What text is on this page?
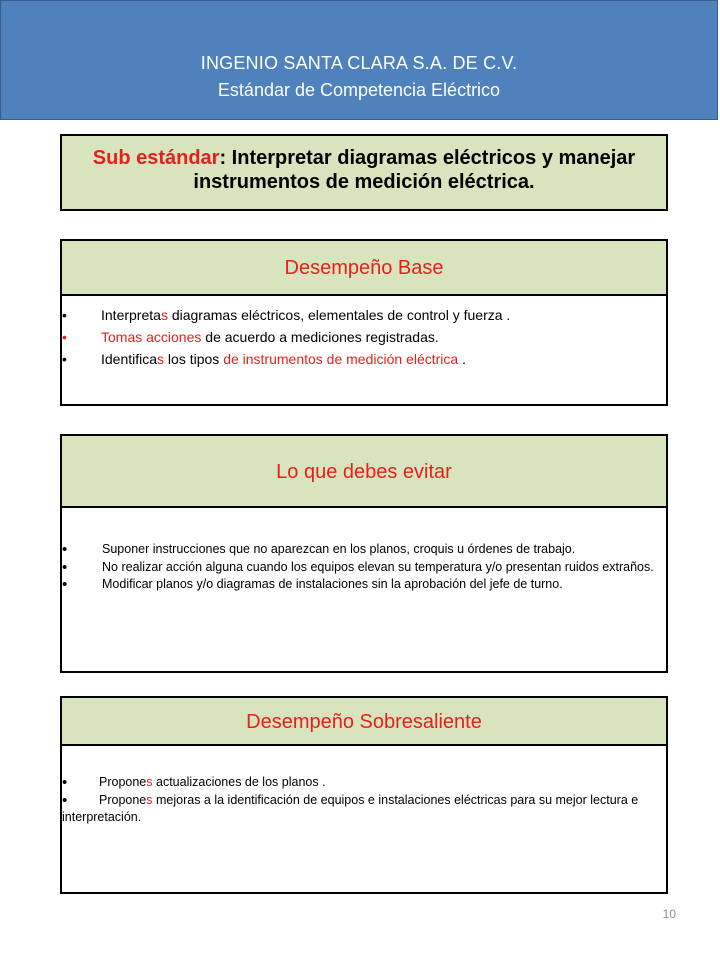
INGENIO SANTA CLARA S.A. DE C.V.
Estándar de Competencia Eléctrico
Sub estándar: Interpretar diagramas eléctricos y manejar instrumentos de medición eléctrica.
Desempeño Base
• Interpretas diagramas eléctricos, elementales de control y fuerza .
• Tomas acciones de acuerdo a mediciones registradas.
• Identificas los tipos de instrumentos de medición eléctrica .
Lo que debes evitar
•	Suponer instrucciones que no aparezcan en los planos, croquis u órdenes de trabajo.
•	No realizar acción alguna cuando los equipos elevan su temperatura y/o presentan ruidos extraños.
•	Modificar planos y/o diagramas de instalaciones sin la aprobación del jefe de turno.
Desempeño Sobresaliente
•	Propones actualizaciones de los planos .
•	Propones mejoras a la identificación de equipos e instalaciones eléctricas para su mejor lectura e interpretación.
10
